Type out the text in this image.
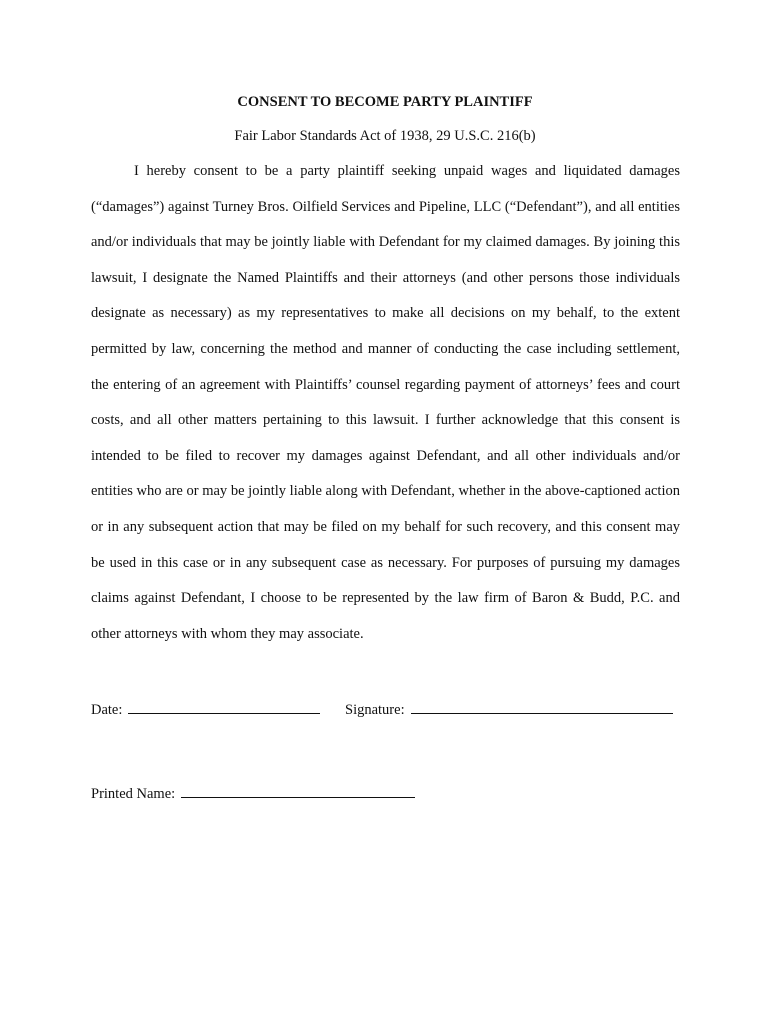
CONSENT TO BECOME PARTY PLAINTIFF
Fair Labor Standards Act of 1938, 29 U.S.C. 216(b)

I hereby consent to be a party plaintiff seeking unpaid wages and liquidated damages (“damages”) against Turney Bros. Oilfield Services and Pipeline, LLC (“Defendant”), and all entities and/or individuals that may be jointly liable with Defendant for my claimed damages. By joining this lawsuit, I designate the Named Plaintiffs and their attorneys (and other persons those individuals designate as necessary) as my representatives to make all decisions on my behalf, to the extent permitted by law, concerning the method and manner of conducting the case including settlement, the entering of an agreement with Plaintiffs’ counsel regarding payment of attorneys’ fees and court costs, and all other matters pertaining to this lawsuit. I further acknowledge that this consent is intended to be filed to recover my damages against Defendant, and all other individuals and/or entities who are or may be jointly liable along with Defendant, whether in the above-captioned action or in any subsequent action that may be filed on my behalf for such recovery, and this consent may be used in this case or in any subsequent case as necessary. For purposes of pursuing my damages claims against Defendant, I choose to be represented by the law firm of Baron & Budd, P.C. and other attorneys with whom they may associate.

Date:	Signature:
Printed Name:
